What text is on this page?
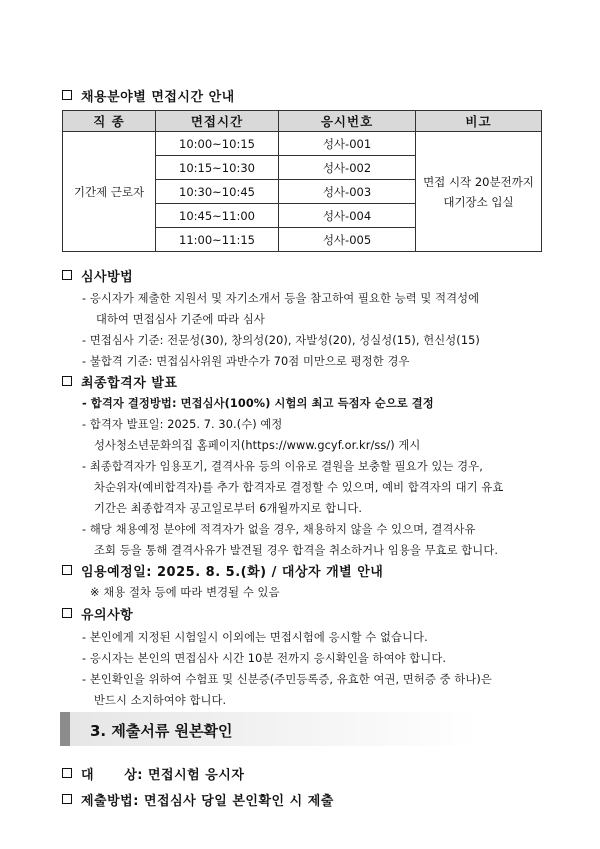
채용분야별 면접시간 안내
직 종	면접시간	응시번호	비고
기간제 근로자	10:00~10:15	성사-001	면접 시작 20분전까지
대기장소 입실

	10:15~10:30	성사-002	
	10:30~10:45	성사-003	
	10:45~11:00	성사-004	
	11:00~11:15	성사-005	
심사방법
- 응시자가 제출한 지원서 및 자기소개서 등을 참고하여 필요한 능력 및 적격성에
대하여 면접심사 기준에 따라 심사
- 면접심사 기준: 전문성(30), 창의성(20), 자발성(20), 성실성(15), 헌신성(15)
- 불합격 기준: 면접심사위원 과반수가 70점 미만으로 평정한 경우
최종합격자 발표
- 합격자 결정방법: 면접심사(100%) 시험의 최고 득점자 순으로 결정
- 합격자 발표일: 2025. 7. 30.(수) 예정
성사청소년문화의집 홈페이지(https://www.gcyf.or.kr/ss/) 게시
- 최종합격자가 임용포기, 결격사유 등의 이유로 결원을 보충할 필요가 있는 경우,
차순위자(예비합격자)를 추가 합격자로 결정할 수 있으며, 예비 합격자의 대기 유효
기간은 최종합격자 공고일로부터 6개월까지로 합니다.
- 해당 채용예정 분야에 적격자가 없을 경우, 채용하지 않을 수 있으며, 결격사유
조회 등을 통해 결격사유가 발견될 경우 합격을 취소하거나 임용을 무효로 합니다.
임용예정일: 2025. 8. 5.(화) / 대상자 개별 안내
※ 채용 절차 등에 따라 변경될 수 있음
유의사항
- 본인에게 지정된 시험일시 이외에는 면접시험에 응시할 수 없습니다.
- 응시자는 본인의 면접심사 시간 10분 전까지 응시확인을 하여야 합니다.
- 본인확인을 위하여 수험표 및 신분증(주민등록증, 유효한 여권, 면허증 중 하나)은
반드시 소지하여야 합니다.
3. 제출서류 원본확인
대      상: 면접시험 응시자
제출방법: 면접심사 당일 본인확인 시 제출
